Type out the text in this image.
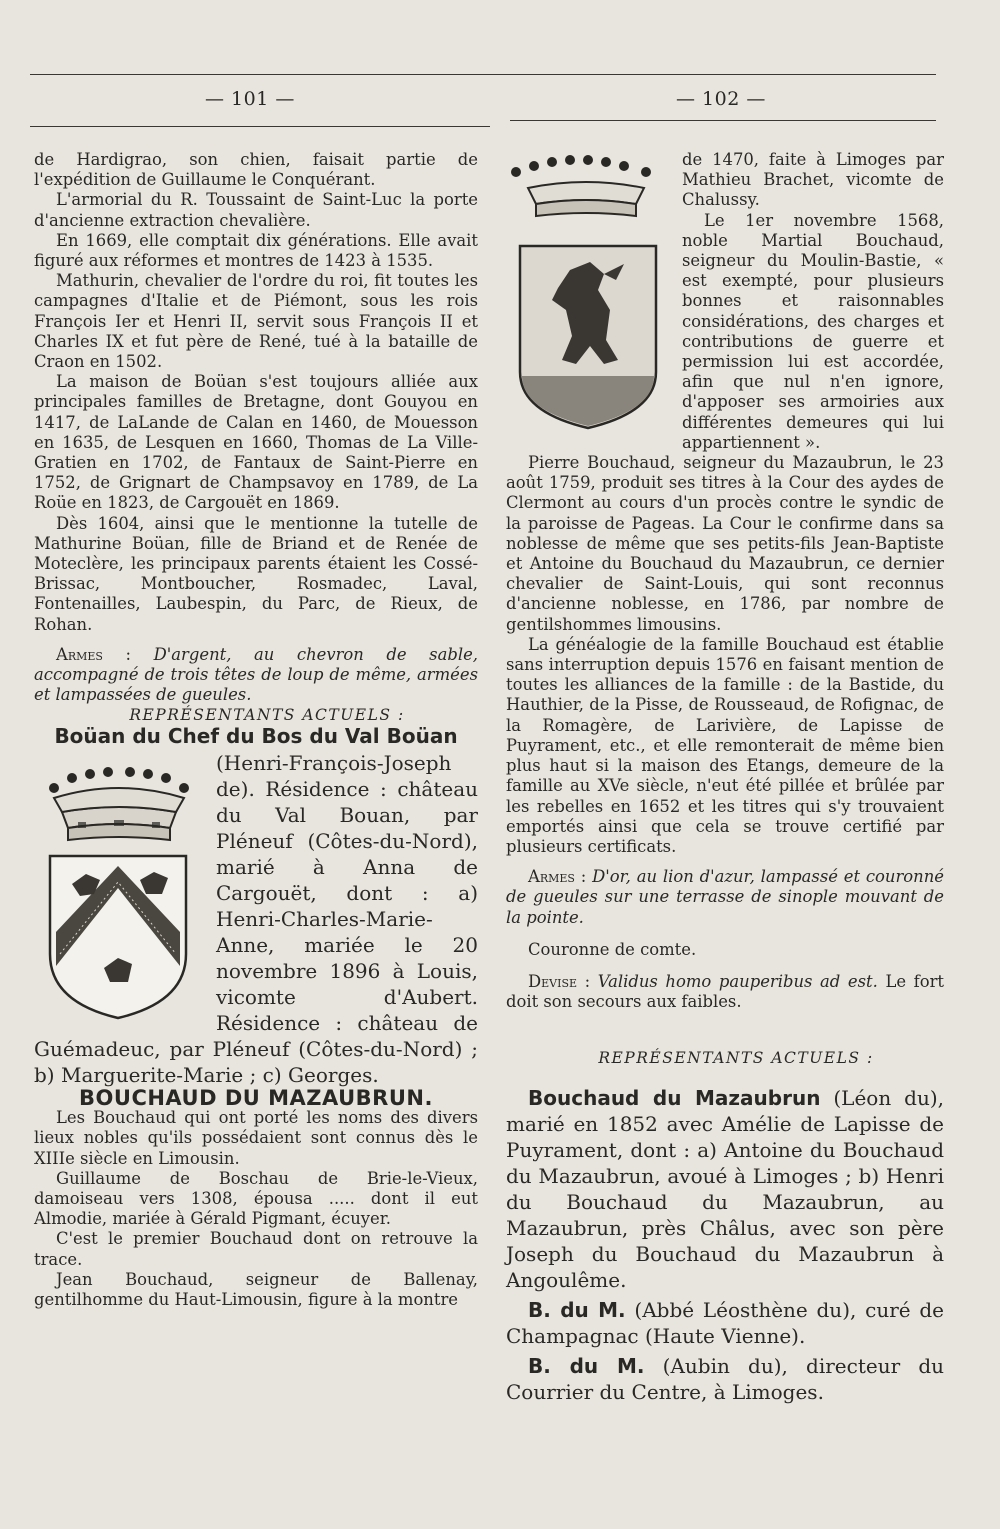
— 101 —	— 102 —

de Hardigrao, son chien, faisait partie de l'expédition de Guillaume le Conquérant.

L'armorial du R. Toussaint de Saint-Luc la porte d'ancienne extraction chevalière.

En 1669, elle comptait dix générations. Elle avait figuré aux réformes et montres de 1423 à 1535.

Mathurin, chevalier de l'ordre du roi, fit toutes les campagnes d'Italie et de Piémont, sous les rois François Ier et Henri II, servit sous François II et Charles IX et fut père de René, tué à la bataille de Craon en 1502.

La maison de Boüan s'est toujours alliée aux principales familles de Bretagne, dont Gouyou en 1417, de LaLande de Calan en 1460, de Mouesson en 1635, de Lesquen en 1660, Thomas de La Ville-Gratien en 1702, de Fantaux de Saint-Pierre en 1752, de Grignart de Champsavoy en 1789, de La Roüe en 1823, de Cargouët en 1869.

Dès 1604, ainsi que le mentionne la tutelle de Mathurine Boüan, fille de Briand et de Renée de Moteclère, les principaux parents étaient les Cossé-Brissac, Montboucher, Rosmadec, Laval, Fontenailles, Laubespin, du Parc, de Rieux, de Rohan.

Armes : D'argent, au chevron de sable, accompagné de trois têtes de loup de même, armées et lampassées de gueules.

REPRÉSENTANTS ACTUELS :

Boüan du Chef du Bos du Val Boüan

(Henri-François-Joseph de). Résidence : château du Val Bouan, par Pléneuf (Côtes-du-Nord), marié à Anna de Cargouët, dont : a) Henri-Charles-Marie-Anne, mariée le 20 novembre 1896 à Louis, vicomte d'Aubert. Résidence : château de Guémadeuc, par Pléneuf (Côtes-du-Nord) ; b) Marguerite-Marie ; c) Georges.

BOUCHAUD DU MAZAUBRUN.

Les Bouchaud qui ont porté les noms des divers lieux nobles qu'ils possédaient sont connus dès le XIIIe siècle en Limousin.

Guillaume de Boschau de Brie-le-Vieux, damoiseau vers 1308, épousa ..... dont il eut Almodie, mariée à Gérald Pigmant, écuyer.

C'est le premier Bouchaud dont on retrouve la trace.

Jean Bouchaud, seigneur de Ballenay, gentilhomme du Haut-Limousin, figure à la montre

de 1470, faite à Limoges par Mathieu Brachet, vicomte de Chalussy.

Le 1er novembre 1568, noble Martial Bouchaud, seigneur du Moulin-Bastie, « est exempté, pour plusieurs bonnes et raisonnables considérations, des charges et contributions de guerre et permission lui est accordée, afin que nul n'en ignore, d'apposer ses armoiries aux différentes demeures qui lui appartiennent ».

Pierre Bouchaud, seigneur du Mazaubrun, le 23 août 1759, produit ses titres à la Cour des aydes de Clermont au cours d'un procès contre le syndic de la paroisse de Pageas. La Cour le confirme dans sa noblesse de même que ses petits-fils Jean-Baptiste et Antoine du Bouchaud du Mazaubrun, ce dernier chevalier de Saint-Louis, qui sont reconnus d'ancienne noblesse, en 1786, par nombre de gentilshommes limousins.

La généalogie de la famille Bouchaud est établie sans interruption depuis 1576 en faisant mention de toutes les alliances de la famille : de la Bastide, du Hauthier, de la Pisse, de Rousseaud, de Rofignac, de la Romagère, de Larivière, de Lapisse de Puyrament, etc., et elle remonterait de même bien plus haut si la maison des Etangs, demeure de la famille au XVe siècle, n'eut été pillée et brûlée par les rebelles en 1652 et les titres qui s'y trouvaient emportés ainsi que cela se trouve certifié par plusieurs certificats.

Armes : D'or, au lion d'azur, lampassé et couronné de gueules sur une terrasse de sinople mouvant de la pointe.

Couronne de comte.

Devise : Validus homo pauperibus ad est. Le fort doit son secours aux faibles.

REPRÉSENTANTS ACTUELS :

Bouchaud du Mazaubrun (Léon du), marié en 1852 avec Amélie de Lapisse de Puyrament, dont : a) Antoine du Bouchaud du Mazaubrun, avoué à Limoges ; b) Henri du Bouchaud du Mazaubrun, au Mazaubrun, près Châlus, avec son père Joseph du Bouchaud du Mazaubrun à Angoulême.

B. du M. (Abbé Léosthène du), curé de Champagnac (Haute Vienne).

B. du M. (Aubin du), directeur du Courrier du Centre, à Limoges.
